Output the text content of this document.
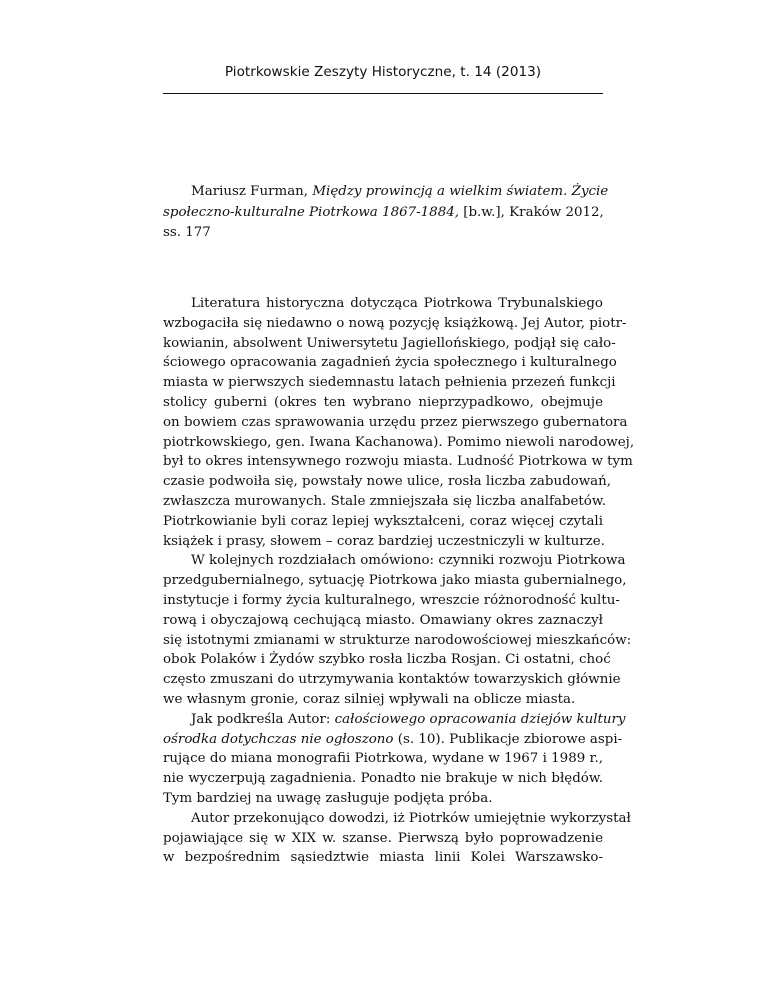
Piotrkowskie Zeszyty Historyczne, t. 14 (2013)
Mariusz Furman, Między prowincją a wielkim światem. Życie
społeczno-kulturalne Piotrkowa 1867-1884, [b.w.], Kraków 2012,
ss. 177
Literatura historyczna dotycząca Piotrkowa Trybunalskiego
wzbogaciła się niedawno o nową pozycję książkową. Jej Autor, piotr-
kowianin, absolwent Uniwersytetu Jagiellońskiego, podjął się cało-
ściowego opracowania zagadnień życia społecznego i kulturalnego
miasta w pierwszych siedemnastu latach pełnienia przezeń funkcji
stolicy guberni (okres ten wybrano nieprzypadkowo, obejmuje
on bowiem czas sprawowania urzędu przez pierwszego gubernatora
piotrkowskiego, gen. Iwana Kachanowa). Pomimo niewoli narodowej,
był to okres intensywnego rozwoju miasta. Ludność Piotrkowa w tym
czasie podwoiła się, powstały nowe ulice, rosła liczba zabudowań,
zwłaszcza murowanych. Stale zmniejszała się liczba analfabetów.
Piotrkowianie byli coraz lepiej wykształceni, coraz więcej czytali
książek i prasy, słowem – coraz bardziej uczestniczyli w kulturze.
W kolejnych rozdziałach omówiono: czynniki rozwoju Piotrkowa
przedgubernialnego, sytuację Piotrkowa jako miasta gubernialnego,
instytucje i formy życia kulturalnego, wreszcie różnorodność kultu-
rową i obyczajową cechującą miasto. Omawiany okres zaznaczył
się istotnymi zmianami w strukturze narodowościowej mieszkańców:
obok Polaków i Żydów szybko rosła liczba Rosjan. Ci ostatni, choć
często zmuszani do utrzymywania kontaktów towarzyskich głównie
we własnym gronie, coraz silniej wpływali na oblicze miasta.
Jak podkreśla Autor: całościowego opracowania dziejów kultury
ośrodka dotychczas nie ogłoszono (s. 10). Publikacje zbiorowe aspi-
rujące do miana monografii Piotrkowa, wydane w 1967 i 1989 r.,
nie wyczerpują zagadnienia. Ponadto nie brakuje w nich błędów.
Tym bardziej na uwagę zasługuje podjęta próba.
Autor przekonująco dowodzi, iż Piotrków umiejętnie wykorzystał
pojawiające się w XIX w. szanse. Pierwszą było poprowadzenie
w bezpośrednim sąsiedztwie miasta linii Kolei Warszawsko-
